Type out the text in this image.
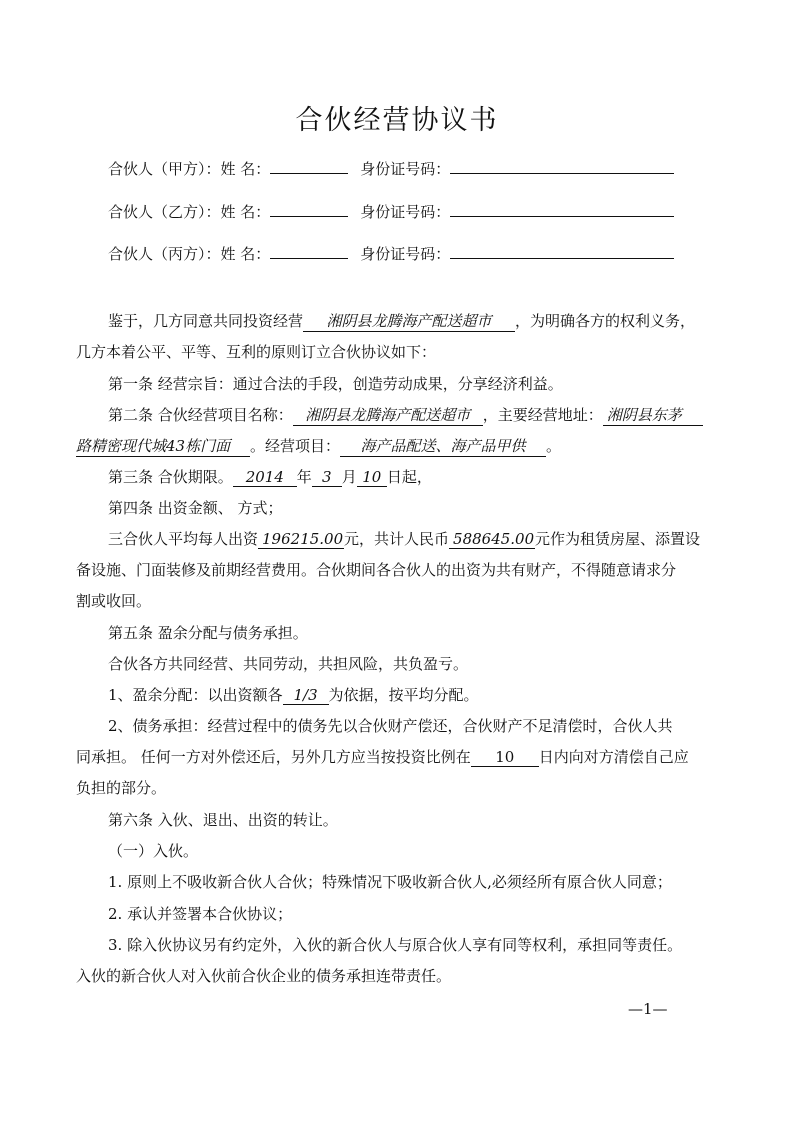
合伙经营协议书
合伙人（甲方）：姓 名：	身份证号码：
合伙人（乙方）：姓 名：	身份证号码：
合伙人（丙方）：姓 名：	身份证号码：
鉴于，几方同意共同投资经营 湘阴县龙腾海产配送超市 ，为明确各方的权利义务，
几方本着公平、平等、互利的原则订立合伙协议如下：
第一条 经营宗旨：通过合法的手段，创造劳动成果，分享经济利益。
第二条 合伙经营项目名称： 湘阴县龙腾海产配送超市 ，主要经营地址： 湘阴县东茅
路精密现代城43栋门面 。经营项目： 海产品配送、海产品甲供 。
第三条 合伙期限。 2014 年 3 月 10 日起，
第四条 出资金额、 方式；
三合伙人平均每人出资 196215.00元，共计人民币 588645.00元作为租赁房屋、添置设
备设施、门面装修及前期经营费用。合伙期间各合伙人的出资为共有财产，不得随意请求分
割或收回。
第五条 盈余分配与债务承担。
合伙各方共同经营、共同劳动，共担风险，共负盈亏。
1、盈余分配：以出资额各 1/3 为依据，按平均分配。
2、债务承担：经营过程中的债务先以合伙财产偿还，合伙财产不足清偿时，合伙人共
同承担。 任何一方对外偿还后，另外几方应当按投资比例在 10 日内向对方清偿自己应
负担的部分。
第六条 入伙、退出、出资的转让。
（一）入伙。
1. 原则上不吸收新合伙人合伙；特殊情况下吸收新合伙人,必须经所有原合伙人同意；
2. 承认并签署本合伙协议；
3. 除入伙协议另有约定外，入伙的新合伙人与原合伙人享有同等权利，承担同等责任。
入伙的新合伙人对入伙前合伙企业的债务承担连带责任。
—1—
